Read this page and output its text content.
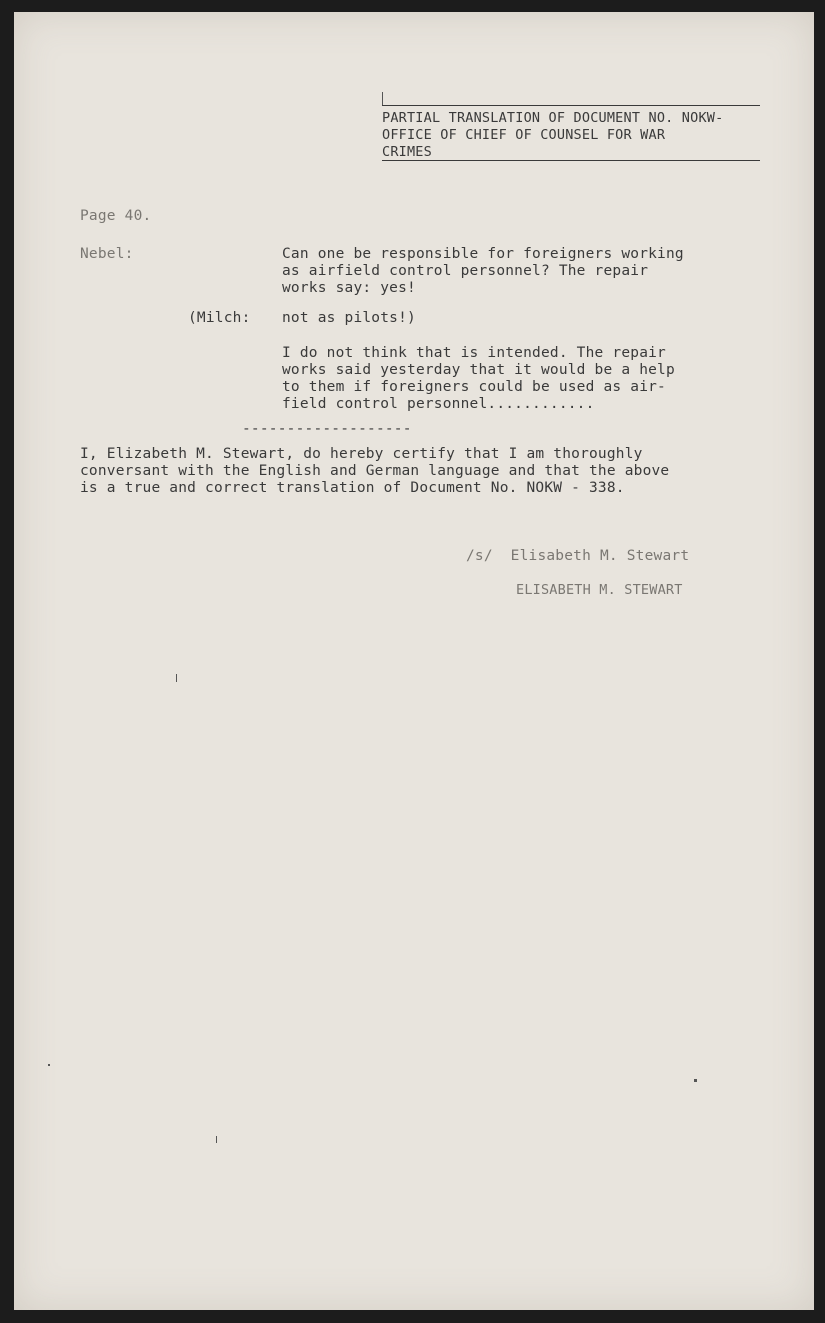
PARTIAL TRANSLATION OF DOCUMENT NO. NOKW-
OFFICE OF CHIEF OF COUNSEL FOR WAR
CRIMES
Page 40.
Nebel:	Can one be responsible for foreigners working
as airfield control personnel? The repair
works say: yes!
(Milch: not as pilots!)
I do not think that is intended. The repair
works said yesterday that it would be a help
to them if foreigners could be used as air-
field control personnel............
-------------------
I, Elizabeth M. Stewart, do hereby certify that I am thoroughly
conversant with the English and German language and that the above
is a true and correct translation of Document No. NOKW - 338.
/s/  Elisabeth M. Stewart
ELISABETH M. STEWART
